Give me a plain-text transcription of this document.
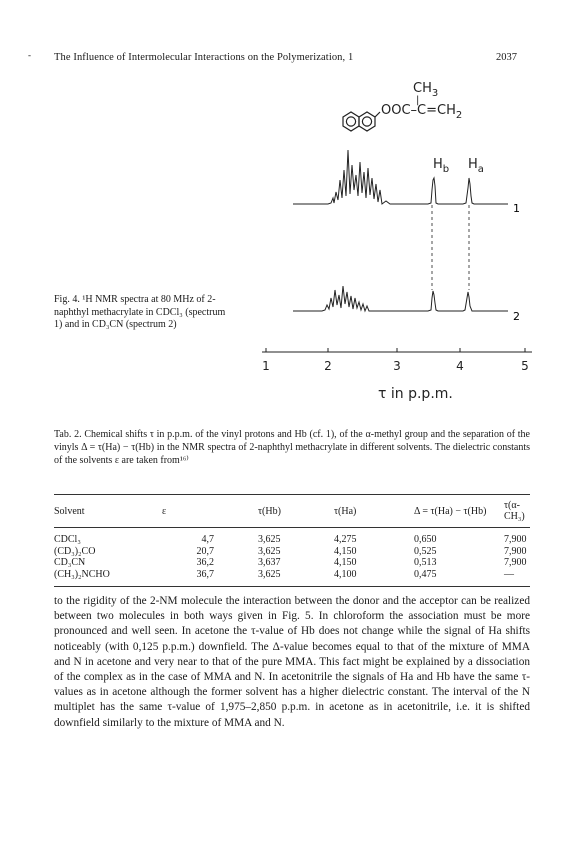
- The Influence of Intermolecular Interactions on the Polymerization, 1	2037
$CH_3$
|
OOC–$C=CH_2$
$H_b$ $H_a$
1
2
1	2	3	4	5
τ in p.p.m.
Fig. 4. ¹H NMR spectra at 80 MHz of 2-naphthyl methacrylate in CDCl₃ (spectrum 1) and in CD₃CN (spectrum 2)
Tab. 2. Chemical shifts τ in p.p.m. of the vinyl protons and Hb (cf. 1), of the α-methyl group and the separation of the vinyls Δ = τ(Ha) − τ(Hb) in the NMR spectra of 2-naphthyl methacrylate in different solvents. The dielectric constants of the solvents ε are taken from¹⁶⁾
Solvent	ε	τ(Hb)	τ(Ha)	Δ = τ(Ha) − τ(Hb)	τ(α-CH₃)
CDCl₃	4,7	3,625	4,275	0,650	7,900
(CD₃)₂CO	20,7	3,625	4,150	0,525	7,900
CD₃CN	36,2	3,637	4,150	0,513	7,900
(CH₃)₂NCHO	36,7	3,625	4,100	0,475	—

to the rigidity of the 2-NM molecule the interaction between the donor and the acceptor can be realized between two molecules in both ways given in Fig. 5. In chloroform the association must be more pronounced and well seen. In acetone the τ-value of Hb does not change while the signal of Ha shifts noticeably (with 0,125 p.p.m.) downfield. The Δ-value becomes equal to that of the mixture of MMA and N in acetone and very near to that of the pure MMA. This fact might be explained by a dissociation of the complex as in the case of MMA and N. In acetonitrile the signals of Ha and Hb have the same τ-values as in acetone although the former solvent has a higher dielectric constant. The interval of the N multiplet has the same τ-value of 1,975–2,850 p.p.m. in acetone as in acetonitrile, i.e. it is shifted downfield similarly to the mixture of MMA and N.
